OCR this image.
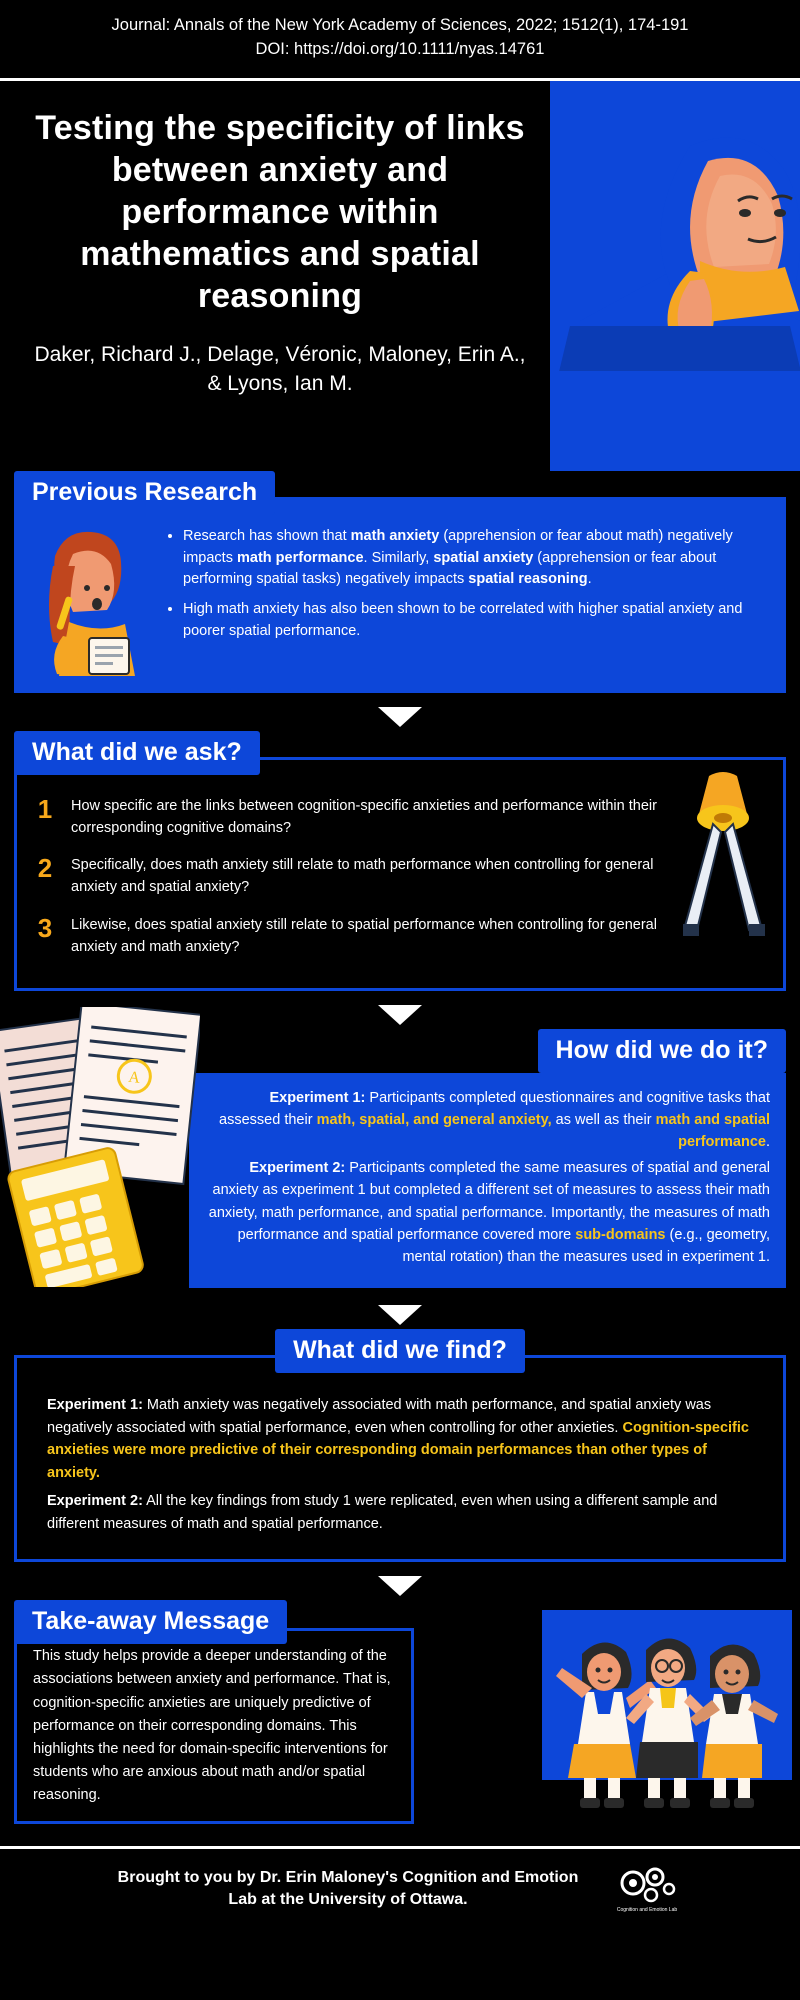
Journal: Annals of the New York Academy of Sciences, 2022; 1512(1), 174-191
DOI: https://doi.org/10.1111/nyas.14761
Testing the specificity of links between anxiety and performance within mathematics and spatial reasoning
Daker, Richard J., Delage, Véronic, Maloney, Erin A., & Lyons, Ian M.
Previous Research
• Research has shown that math anxiety (apprehension or fear about math) negatively impacts math performance. Similarly, spatial anxiety (apprehension or fear about performing spatial tasks) negatively impacts spatial reasoning.
• High math anxiety has also been shown to be correlated with higher spatial anxiety and poorer spatial performance.
What did we ask?
1	How specific are the links between cognition-specific anxieties and performance within their corresponding cognitive domains?
2	Specifically, does math anxiety still relate to math performance when controlling for general anxiety and spatial anxiety?
3	Likewise, does spatial anxiety still relate to spatial performance when controlling for general anxiety and math anxiety?
How did we do it?
A

Experiment 1: Participants completed questionnaires and cognitive tasks that assessed their math, spatial, and general anxiety, as well as their math and spatial performance.

Experiment 2: Participants completed the same measures of spatial and general anxiety as experiment 1 but completed a different set of measures to assess their math anxiety, math performance, and spatial performance. Importantly, the measures of math performance and spatial performance covered more sub-domains (e.g., geometry, mental rotation) than the measures used in experiment 1.

What did we find?

Experiment 1: Math anxiety was negatively associated with math performance, and spatial anxiety was negatively associated with spatial performance, even when controlling for other anxieties. Cognition-specific anxieties were more predictive of their corresponding domain performances than other types of anxiety.

Experiment 2: All the key findings from study 1 were replicated, even when using a different sample and different measures of math and spatial performance.

Take-away Message
This study helps provide a deeper understanding of the associations between anxiety and performance. That is, cognition-specific anxieties are uniquely predictive of performance on their corresponding domains. This highlights the need for domain-specific interventions for students who are anxious about math and/or spatial reasoning.
Brought to you by Dr. Erin Maloney's Cognition and Emotion Lab at the University of Ottawa.
Cognition and Emotion Lab
